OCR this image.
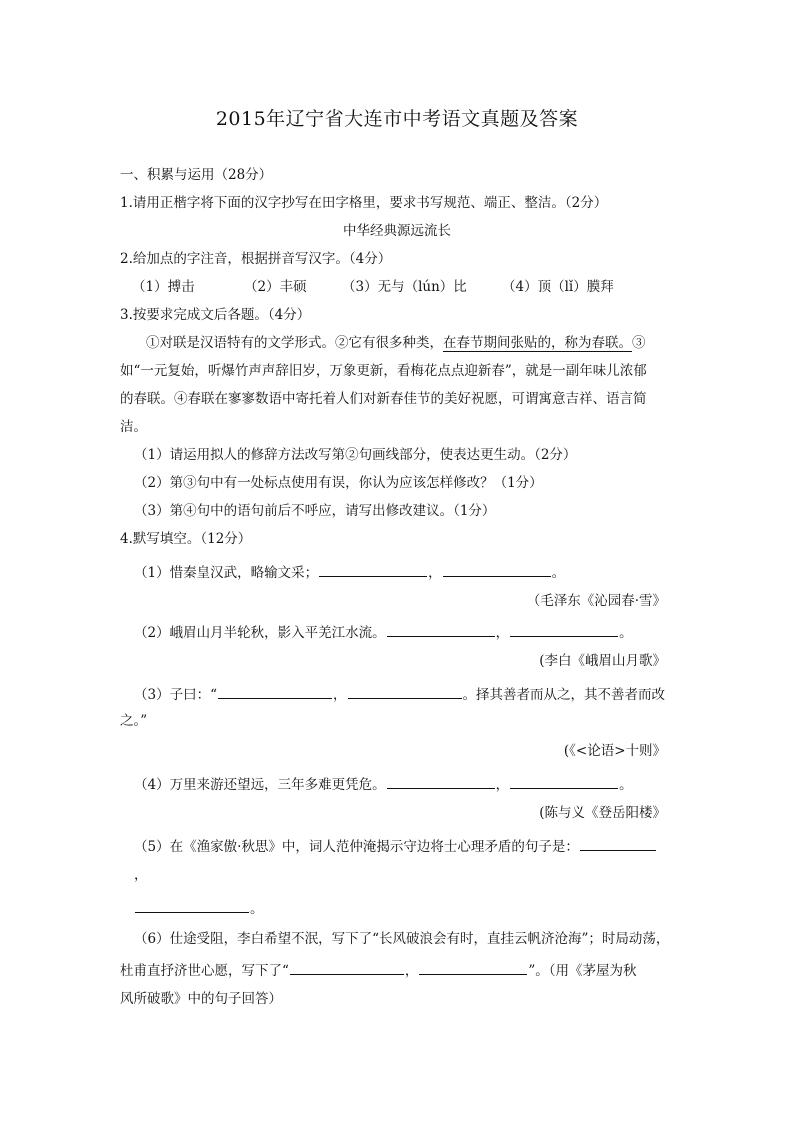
2015年辽宁省大连市中考语文真题及答案
一、积累与运用（28分）
1.请用正楷字将下面的汉字抄写在田字格里，要求书写规范、端正、整洁。（2分）
中华经典源远流长
2.给加点的字注音，根据拼音写汉字。（4分）
（1）搏击	（2）丰硕	（3）无与（lún）比	（4）顶（lǐ）膜拜
3.按要求完成文后各题。（4分）
①对联是汉语特有的文学形式。②它有很多种类，在春节期间张贴的，称为春联。③
如“一元复始，听爆竹声声辞旧岁，万象更新，看梅花点点迎新春”，就是一副年味儿浓郁
的春联。④春联在寥寥数语中寄托着人们对新春佳节的美好祝愿，可谓寓意吉祥、语言简
洁。
（1）请运用拟人的修辞方法改写第②句画线部分，使表达更生动。（2分）
（2）第③句中有一处标点使用有误，你认为应该怎样修改？（1分）
（3）第④句中的语句前后不呼应，请写出修改建议。（1分）
4.默写填空。（12分）
（1）惜秦皇汉武，略输文采；	，	。
（毛泽东《沁园春·雪》
（2）峨眉山月半轮秋，影入平羌江水流。	，	。
(李白《峨眉山月歌》
（3）子曰：“	，	。择其善者而从之，其不善者而改
之。”
(《<论语>十则》
（4）万里来游还望远，三年多难更凭危。	，	。
(陈与义《登岳阳楼》
（5）在《渔家傲·秋思》中，词人范仲淹揭示守边将士心理矛盾的句子是：
，
。
（6）仕途受阻，李白希望不泯，写下了“长风破浪会有时，直挂云帆济沧海”；时局动荡，
杜甫直抒济世心愿，写下了“	，	”。（用《茅屋为秋
风所破歌》中的句子回答）
